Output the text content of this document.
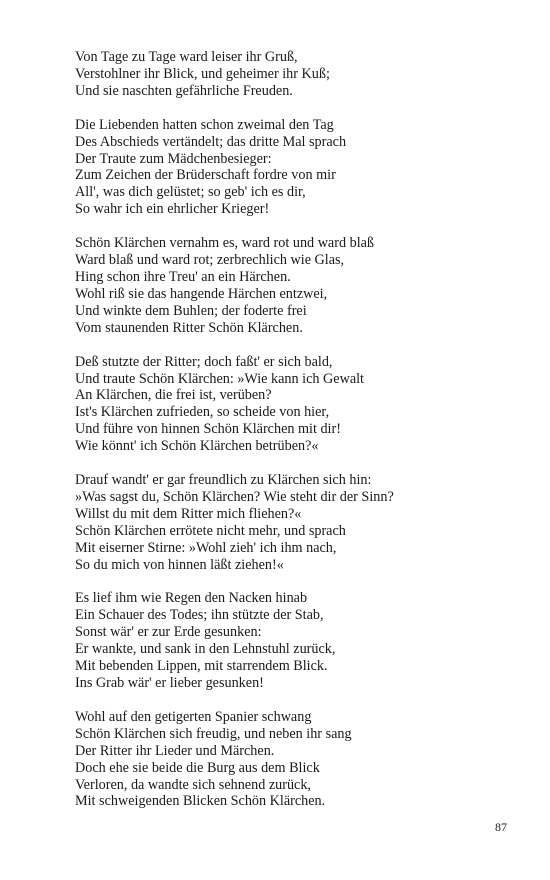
Von Tage zu Tage ward leiser ihr Gruß,
Verstohlner ihr Blick, und geheimer ihr Kuß;
Und sie naschten gefährliche Freuden.
Die Liebenden hatten schon zweimal den Tag
Des Abschieds vertändelt; das dritte Mal sprach
Der Traute zum Mädchenbesieger:
Zum Zeichen der Brüderschaft fordre von mir
All', was dich gelüstet; so geb' ich es dir,
So wahr ich ein ehrlicher Krieger!
Schön Klärchen vernahm es, ward rot und ward blaß
Ward blaß und ward rot; zerbrechlich wie Glas,
Hing schon ihre Treu' an ein Härchen.
Wohl riß sie das hangende Härchen entzwei,
Und winkte dem Buhlen; der foderte frei
Vom staunenden Ritter Schön Klärchen.
Deß stutzte der Ritter; doch faßt' er sich bald,
Und traute Schön Klärchen: »Wie kann ich Gewalt
An Klärchen, die frei ist, verüben?
Ist's Klärchen zufrieden, so scheide von hier,
Und führe von hinnen Schön Klärchen mit dir!
Wie könnt' ich Schön Klärchen betrüben?«
Drauf wandt' er gar freundlich zu Klärchen sich hin:
»Was sagst du, Schön Klärchen? Wie steht dir der Sinn?
Willst du mit dem Ritter mich fliehen?«
Schön Klärchen errötete nicht mehr, und sprach
Mit eiserner Stirne: »Wohl zieh' ich ihm nach,
So du mich von hinnen läßt ziehen!«
Es lief ihm wie Regen den Nacken hinab
Ein Schauer des Todes; ihn stützte der Stab,
Sonst wär' er zur Erde gesunken:
Er wankte, und sank in den Lehnstuhl zurück,
Mit bebenden Lippen, mit starrendem Blick.
Ins Grab wär' er lieber gesunken!
Wohl auf den getigerten Spanier schwang
Schön Klärchen sich freudig, und neben ihr sang
Der Ritter ihr Lieder und Märchen.
Doch ehe sie beide die Burg aus dem Blick
Verloren, da wandte sich sehnend zurück,
Mit schweigenden Blicken Schön Klärchen.
87
